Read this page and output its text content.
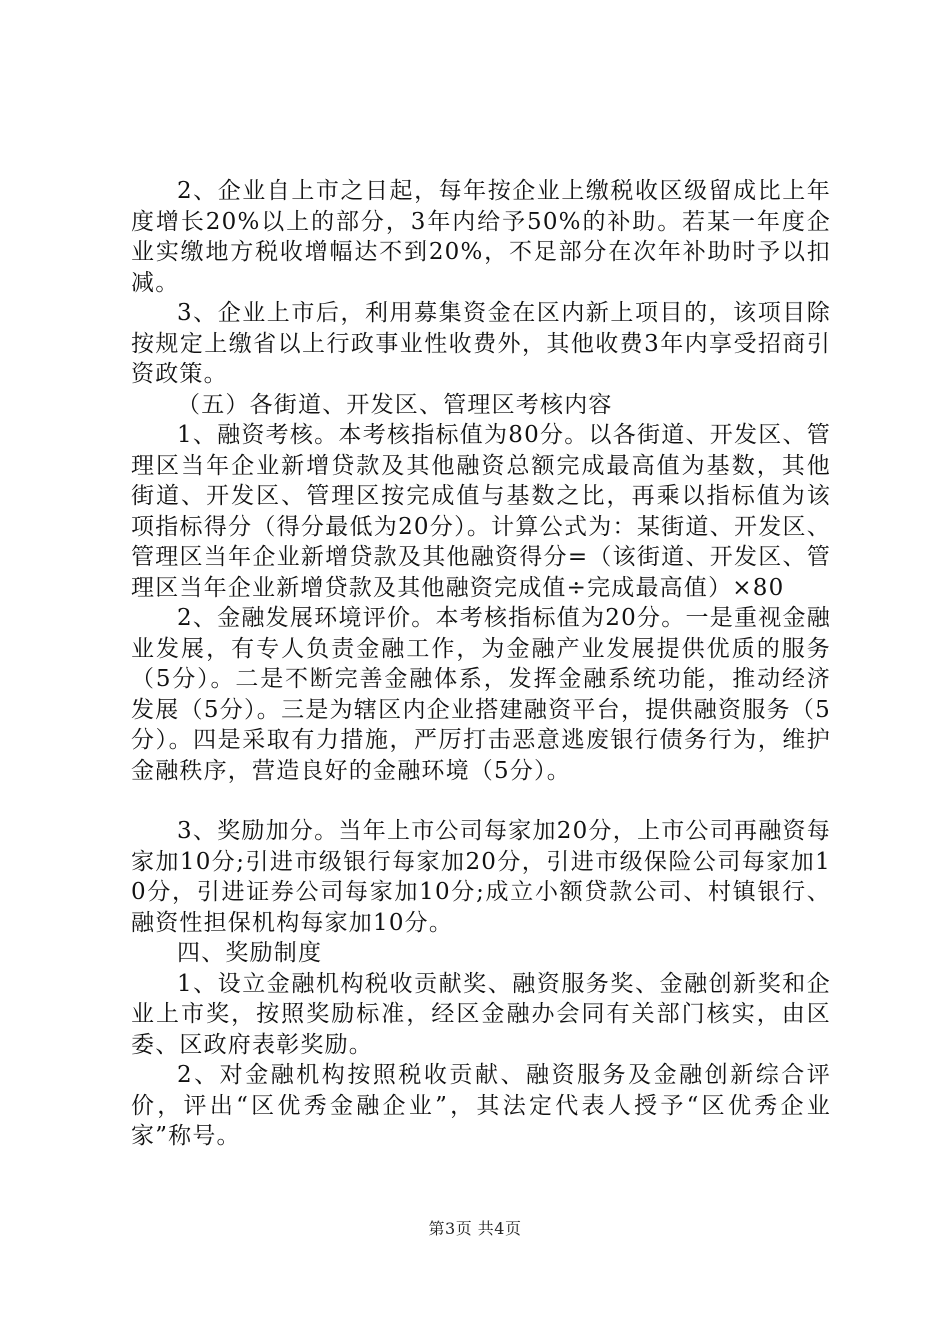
2、企业自上市之日起，每年按企业上缴税收区级留成比上年度增长20%以上的部分，3年内给予50%的补助。若某一年度企业实缴地方税收增幅达不到20%，不足部分在次年补助时予以扣减。

3、企业上市后，利用募集资金在区内新上项目的，该项目除按规定上缴省以上行政事业性收费外，其他收费3年内享受招商引资政策。

（五）各街道、开发区、管理区考核内容

1、融资考核。本考核指标值为80分。以各街道、开发区、管理区当年企业新增贷款及其他融资总额完成最高值为基数，其他街道、开发区、管理区按完成值与基数之比，再乘以指标值为该项指标得分（得分最低为20分）。计算公式为：某街道、开发区、管理区当年企业新增贷款及其他融资得分=（该街道、开发区、管理区当年企业新增贷款及其他融资完成值÷完成最高值）×80

2、金融发展环境评价。本考核指标值为20分。一是重视金融业发展，有专人负责金融工作，为金融产业发展提供优质的服务（5分）。二是不断完善金融体系，发挥金融系统功能，推动经济发展（5分）。三是为辖区内企业搭建融资平台，提供融资服务（5分）。四是采取有力措施，严厉打击恶意逃废银行债务行为，维护金融秩序，营造良好的金融环境（5分）。

3、奖励加分。当年上市公司每家加20分，上市公司再融资每家加10分;引进市级银行每家加20分，引进市级保险公司每家加10分，引进证券公司每家加10分;成立小额贷款公司、村镇银行、融资性担保机构每家加10分。

四、奖励制度

1、设立金融机构税收贡献奖、融资服务奖、金融创新奖和企业上市奖，按照奖励标准，经区金融办会同有关部门核实，由区委、区政府表彰奖励。

2、对金融机构按照税收贡献、融资服务及金融创新综合评价，评出“区优秀金融企业”，其法定代表人授予“区优秀企业家”称号。

第3页 共4页
